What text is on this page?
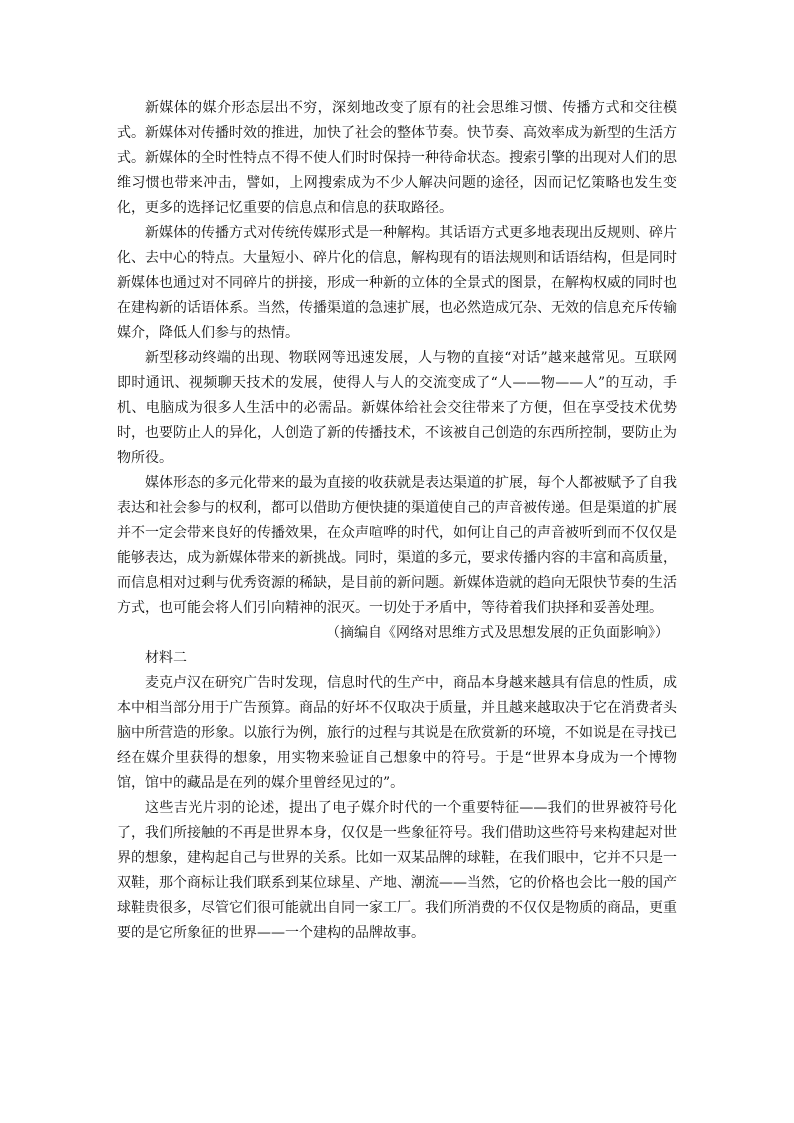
新媒体的媒介形态层出不穷，深刻地改变了原有的社会思维习惯、传播方式和交往模式。新媒体对传播时效的推进，加快了社会的整体节奏。快节奏、高效率成为新型的生活方式。新媒体的全时性特点不得不使人们时时保持一种待命状态。搜索引擎的出现对人们的思维习惯也带来冲击，譬如，上网搜索成为不少人解决问题的途径，因而记忆策略也发生变化，更多的选择记忆重要的信息点和信息的获取路径。

新媒体的传播方式对传统传媒形式是一种解构。其话语方式更多地表现出反规则、碎片化、去中心的特点。大量短小、碎片化的信息，解构现有的语法规则和话语结构，但是同时新媒体也通过对不同碎片的拼接，形成一种新的立体的全景式的图景，在解构权威的同时也在建构新的话语体系。当然，传播渠道的急速扩展，也必然造成冗杂、无效的信息充斥传输媒介，降低人们参与的热情。

新型移动终端的出现、物联网等迅速发展，人与物的直接“对话”越来越常见。互联网即时通讯、视频聊天技术的发展，使得人与人的交流变成了“人——物——人”的互动，手机、电脑成为很多人生活中的必需品。新媒体给社会交往带来了方便，但在享受技术优势时，也要防止人的异化，人创造了新的传播技术，不该被自己创造的东西所控制，要防止为物所役。

媒体形态的多元化带来的最为直接的收获就是表达渠道的扩展，每个人都被赋予了自我表达和社会参与的权利，都可以借助方便快捷的渠道使自己的声音被传递。但是渠道的扩展并不一定会带来良好的传播效果，在众声喧哗的时代，如何让自己的声音被听到而不仅仅是能够表达，成为新媒体带来的新挑战。同时，渠道的多元，要求传播内容的丰富和高质量，而信息相对过剩与优秀资源的稀缺，是目前的新问题。新媒体造就的趋向无限快节奏的生活方式，也可能会将人们引向精神的泯灭。一切处于矛盾中，等待着我们抉择和妥善处理。

（摘编自《网络对思维方式及思想发展的正负面影响》）

材料二

麦克卢汉在研究广告时发现，信息时代的生产中，商品本身越来越具有信息的性质，成本中相当部分用于广告预算。商品的好坏不仅取决于质量，并且越来越取决于它在消费者头脑中所营造的形象。以旅行为例，旅行的过程与其说是在欣赏新的环境，不如说是在寻找已经在媒介里获得的想象，用实物来验证自己想象中的符号。于是“世界本身成为一个博物馆，馆中的藏品是在列的媒介里曾经见过的”。

这些吉光片羽的论述，提出了电子媒介时代的一个重要特征——我们的世界被符号化了，我们所接触的不再是世界本身，仅仅是一些象征符号。我们借助这些符号来构建起对世界的想象，建构起自己与世界的关系。比如一双某品牌的球鞋，在我们眼中，它并不只是一双鞋，那个商标让我们联系到某位球星、产地、潮流——当然，它的价格也会比一般的国产球鞋贵很多，尽管它们很可能就出自同一家工厂。我们所消费的不仅仅是物质的商品，更重要的是它所象征的世界——一个建构的品牌故事。
